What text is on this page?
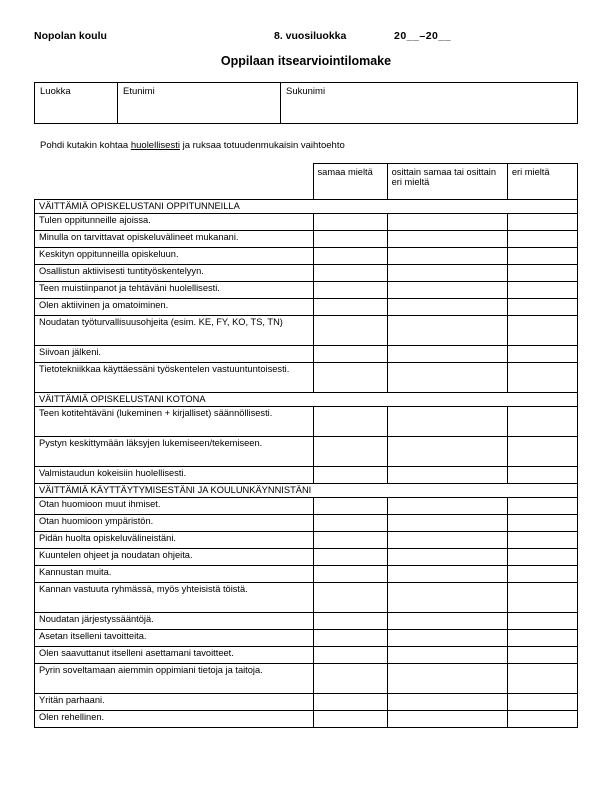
Nopolan koulu	8. vuosiluokka	20__–20__
Oppilaan itsearviointilomake
Luokka	Etunimi	Sukunimi
Pohdi kutakin kohtaa huolellisesti ja ruksaa totuudenmukaisin vaihtoehto
	samaa mieltä	osittain samaa tai osittain eri mieltä	eri mieltä
VÄITTÄMIÄ OPISKELUSTANI OPPITUNNEILLA			
Tulen oppitunneille ajoissa.			
Minulla on tarvittavat opiskeluvälineet mukanani.			
Keskityn oppitunneilla opiskeluun.			
Osallistun aktiivisesti tuntityöskentelyyn.			
Teen muistiinpanot ja tehtäväni huolellisesti.			
Olen aktiivinen ja omatoiminen.			
Noudatan työturvallisuusohjeita (esim. KE, FY, KO, TS, TN)			
Siivoan jälkeni.			
Tietotekniikkaa käyttäessäni työskentelen vastuuntuntoisesti.			
VÄITTÄMIÄ OPISKELUSTANI KOTONA			
Teen kotitehtäväni (lukeminen + kirjalliset) säännöllisesti.			
Pystyn keskittymään läksyjen lukemiseen/tekemiseen.			
Valmistaudun kokeisiin huolellisesti.			
VÄITTÄMIÄ KÄYTTÄYTYMISESTÄNI JA KOULUNKÄYNNISTÄNI			
Otan huomioon muut ihmiset.			
Otan huomioon ympäristön.			
Pidän huolta opiskeluvälineistäni.			
Kuuntelen ohjeet ja noudatan ohjeita.			
Kannustan muita.			
Kannan vastuuta ryhmässä, myös yhteisistä töistä.			
Noudatan järjestyssääntöjä.			
Asetan itselleni tavoitteita.			
Olen saavuttanut itselleni asettamani tavoitteet.			
Pyrin soveltamaan aiemmin oppimiani tietoja ja taitoja.			
Yritän parhaani.			
Olen rehellinen.			
